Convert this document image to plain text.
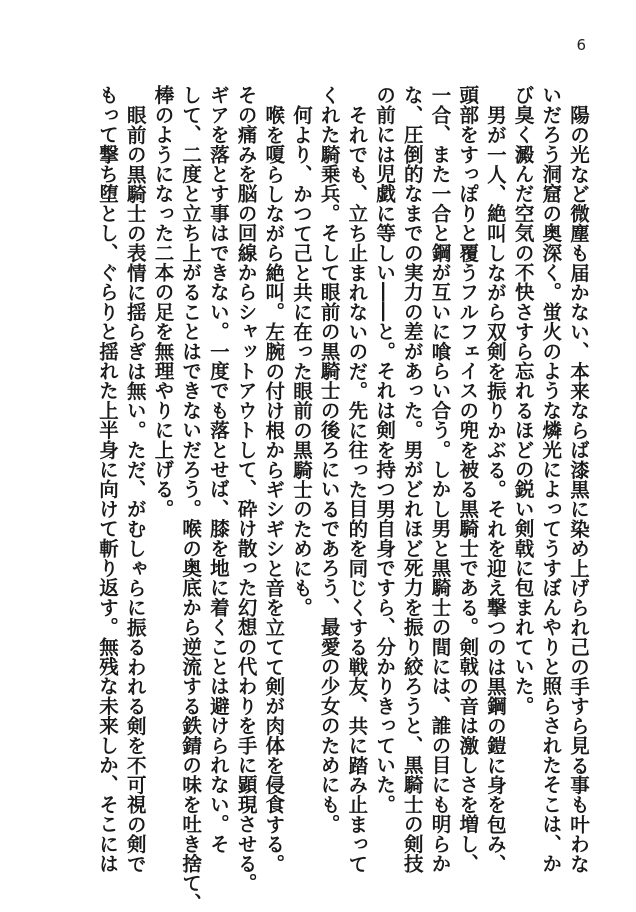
6
陽の光など微塵も届かない、本来ならば漆黒に染め上げられ己の手すら見る事も叶わな
いだろう洞窟の奥深く。蛍火のような燐光によってうすぼんやりと照らされたそこは、か
び臭く澱んだ空気の不快さすら忘れるほどの鋭い剣戟に包まれていた。
男が一人、絶叫しながら双剣を振りかぶる。それを迎え撃つのは黒鋼の鎧に身を包み、
頭部をすっぽりと覆うフルフェイスの兜を被る黒騎士である。剣戟の音は激しさを増し、
一合、また一合と鋼が互いに喰らい合う。しかし男と黒騎士の間には、誰の目にも明らか
な、圧倒的なまでの実力の差があった。男がどれほど死力を振り絞ろうと、黒騎士の剣技
の前には児戯に等しい――と。それは剣を持つ男自身ですら、分かりきっていた。
それでも、立ち止まれないのだ。先に往った目的を同じくする戦友、共に踏み止まって
くれた騎乗兵。そして眼前の黒騎士の後ろにいるであろう、最愛の少女のためにも。
何より、かつて己と共に在った眼前の黒騎士のためにも。
喉を嗄らしながら絶叫。左腕の付け根からギシギシと音を立てて剣が肉体を侵食する。
その痛みを脳の回線からシャットアウトして、砕け散った幻想の代わりを手に顕現させる。
ギアを落とす事はできない。一度でも落とせば、膝を地に着くことは避けられない。そ
して、二度と立ち上がることはできないだろう。喉の奥底から逆流する鉄錆の味を吐き捨て、
棒のようになった二本の足を無理やりに上げる。
眼前の黒騎士の表情に揺らぎは無い。ただ、がむしゃらに振るわれる剣を不可視の剣で
もって撃ち堕とし、ぐらりと揺れた上半身に向けて斬り返す。無残な未来しか、そこには
